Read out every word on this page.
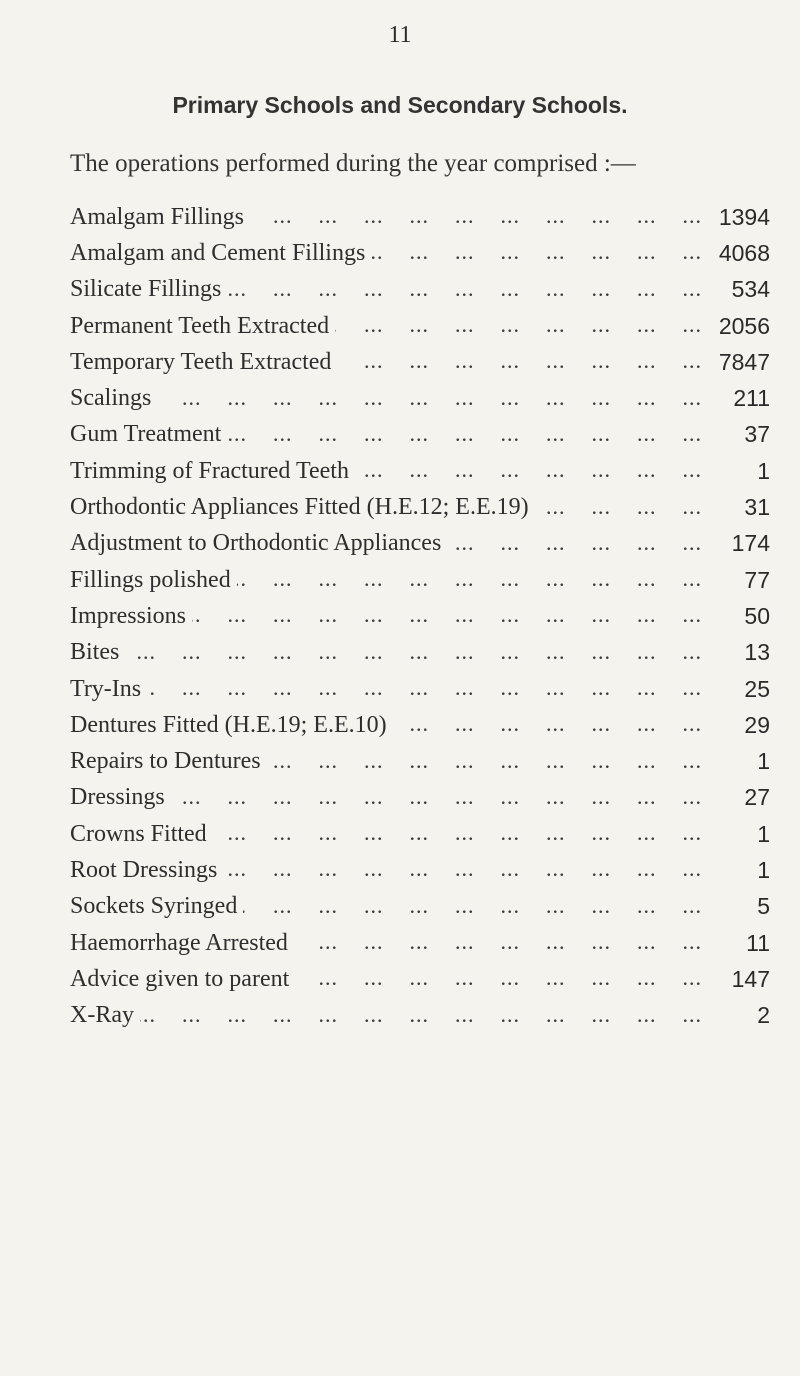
11
Primary Schools and Secondary Schools.
The operations performed during the year comprised :—
Amalgam Fillings ...	1394
Amalgam and Cement Fillings ...	4068
Silicate Fillings ...	534
Permanent Teeth Extracted ...	2056
Temporary Teeth Extracted ...	7847
Scalings ...	211
Gum Treatment ...	37
Trimming of Fractured Teeth ...	1
Orthodontic Appliances Fitted (H.E.12; E.E.19) ...	31
Adjustment to Orthodontic Appliances ...	174
Fillings polished ...	77
Impressions ...	50
Bites ...	13
Try-Ins ...	25
Dentures Fitted (H.E.19; E.E.10) ...	29
Repairs to Dentures ...	1
Dressings ...	27
Crowns Fitted ...	1
Root Dressings ...	1
Sockets Syringed ...	5
Haemorrhage Arrested ...	11
Advice given to parent ...	147
X-Ray ...	2
